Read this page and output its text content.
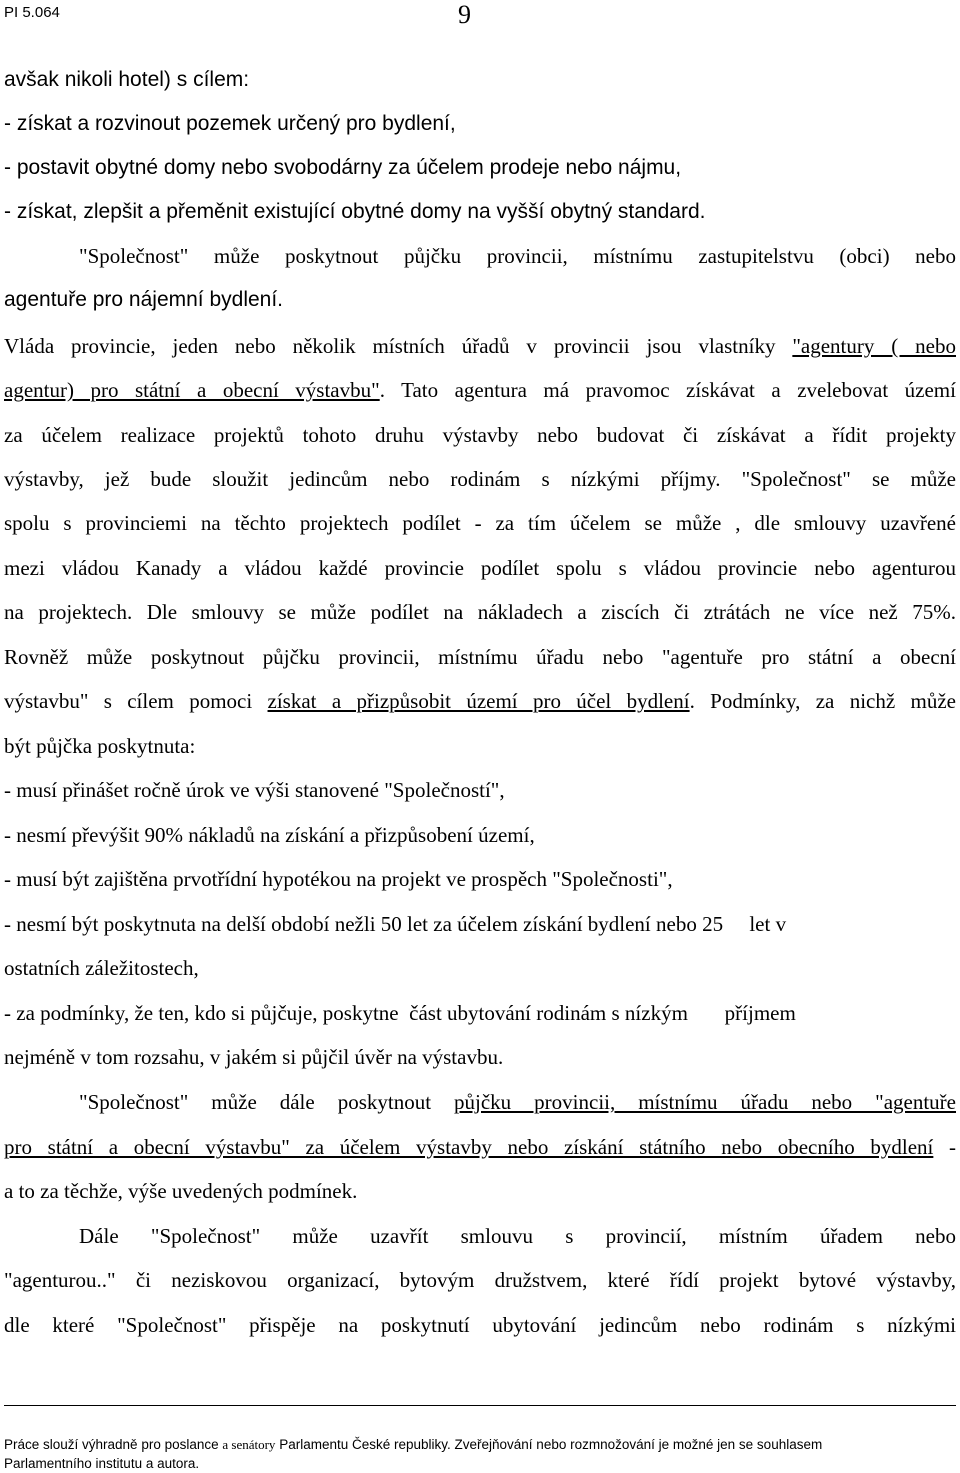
PI 5.064	9
avšak nikoli hotel) s cílem:
- získat a rozvinout pozemek určený pro bydlení,
- postavit obytné domy nebo svobodárny za účelem prodeje nebo nájmu,
- získat, zlepšit a přeměnit existující obytné domy na vyšší obytný standard.
"Společnost" může poskytnout půjčku provincii, místnímu zastupitelstvu (obci) nebo
agentuře pro nájemní bydlení.
Vláda provincie, jeden nebo několik místních úřadů v provincii jsou vlastníky "agentury ( nebo
agentur) pro státní a obecní výstavbu". Tato agentura má pravomoc získávat a zvelebovat území
za účelem realizace projektů tohoto druhu výstavby nebo budovat či získávat a řídit projekty
výstavby, jež bude sloužit jedincům nebo rodinám s nízkými příjmy. "Společnost" se může
spolu s provinciemi na těchto projektech podílet - za tím účelem se může , dle smlouvy uzavřené
mezi vládou Kanady a vládou každé provincie podílet spolu s vládou provincie nebo agenturou
na projektech. Dle smlouvy se může podílet na nákladech a ziscích či ztrátách ne více než 75%.
Rovněž může poskytnout půjčku provincii, místnímu úřadu nebo "agentuře pro státní a obecní
výstavbu" s cílem pomoci získat a přizpůsobit území pro účel bydlení. Podmínky, za nichž může
být půjčka poskytnuta:
- musí přinášet ročně úrok ve výši stanovené "Společností",
- nesmí převýšit 90% nákladů na získání a přizpůsobení území,
- musí být zajištěna prvotřídní hypotékou na projekt ve prospěch "Společnosti",
- nesmí být poskytnuta na delší období nežli 50 let za účelem získání bydlení nebo 25     let v
ostatních záležitostech,
- za podmínky, že ten, kdo si půjčuje, poskytne  část ubytování rodinám s nízkým       příjmem
nejméně v tom rozsahu, v jakém si půjčil úvěr na výstavbu.
"Společnost" může dále poskytnout půjčku provincii, místnímu úřadu nebo "agentuře
pro státní a obecní výstavbu" za účelem výstavby nebo získání státního nebo obecního bydlení -
a to za těchže, výše uvedených podmínek.
Dále "Společnost" může uzavřít smlouvu s provincií, místním úřadem nebo
"agenturou.." či neziskovou organizací, bytovým družstvem, které řídí projekt bytové výstavby,
dle které "Společnost" přispěje na poskytnutí ubytování jedincům nebo rodinám s nízkými
Práce slouží výhradně pro poslance a senátory Parlamentu České republiky. Zveřejňování nebo rozmnožování je možné jen se souhlasem
Parlamentního institutu a autora.
